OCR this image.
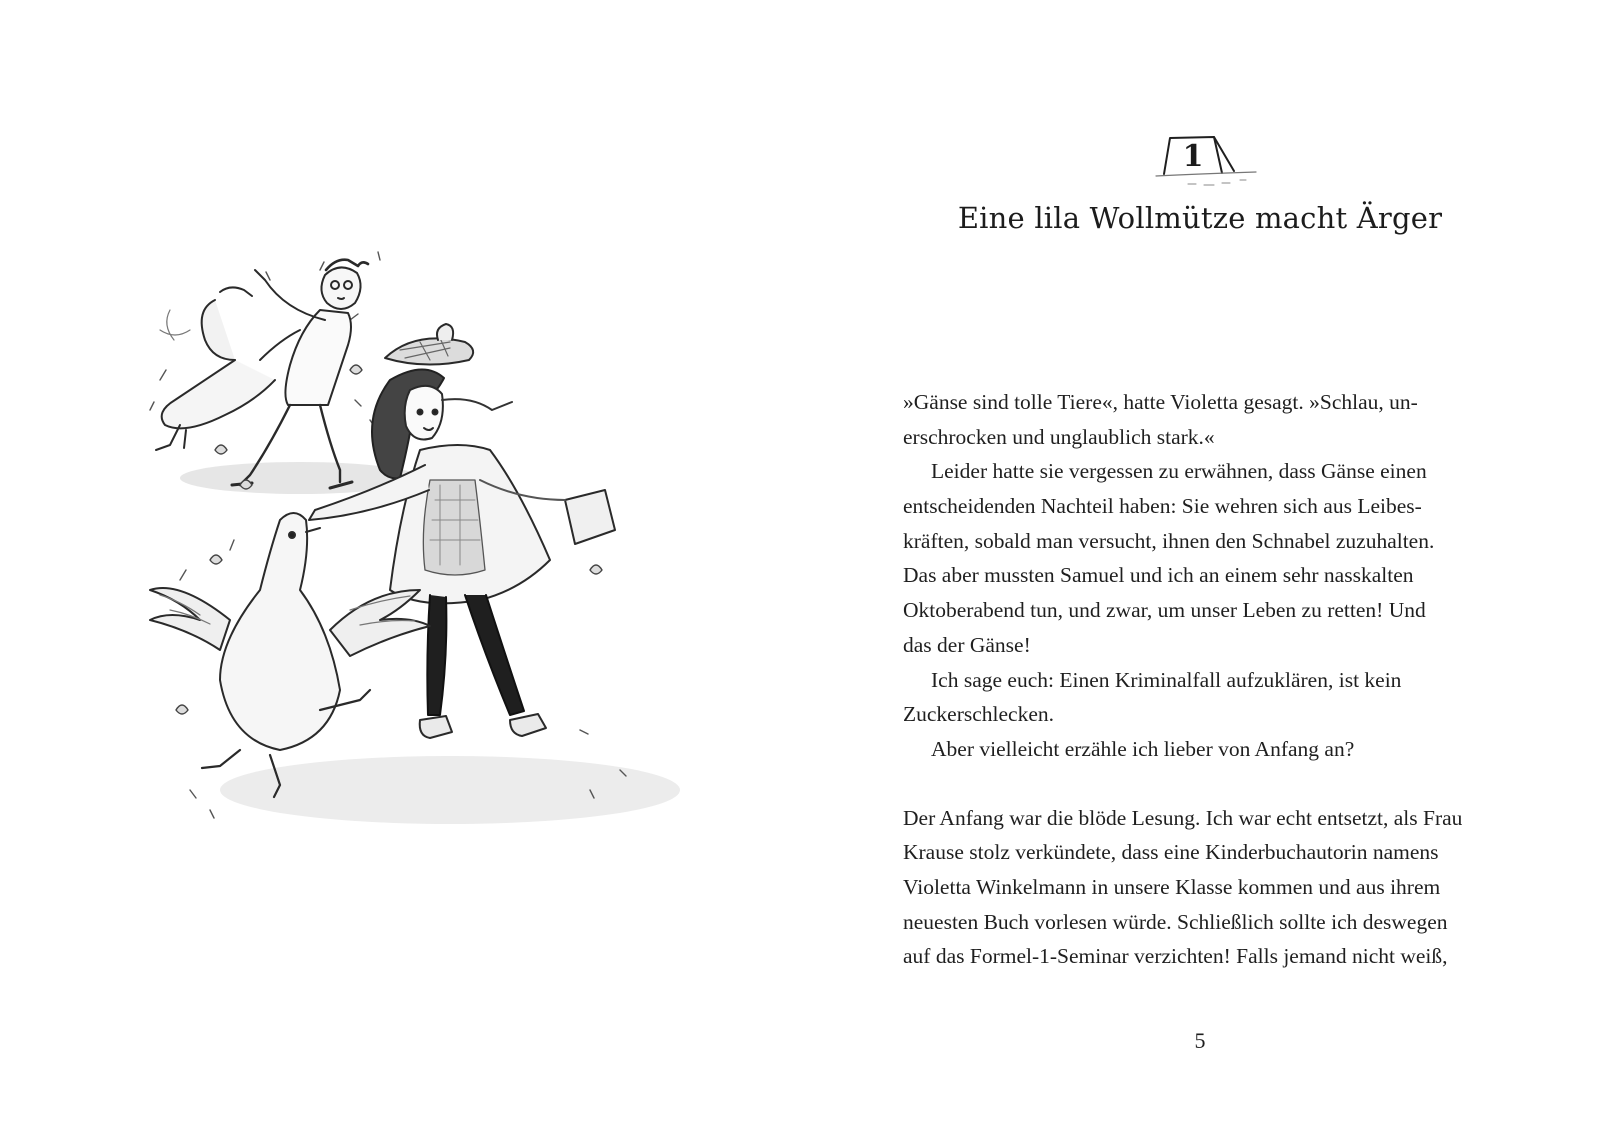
1
Eine lila Wollmütze macht Ärger
»Gänse sind tolle Tiere«, hatte Violetta gesagt. »Schlau, un-
erschrocken und unglaublich stark.«
Leider hatte sie vergessen zu erwähnen, dass Gänse einen
entscheidenden Nachteil haben: Sie wehren sich aus Leibes-
kräften, sobald man versucht, ihnen den Schnabel zuzuhalten.
Das aber mussten Samuel und ich an einem sehr nasskalten
Oktoberabend tun, und zwar, um unser Leben zu retten! Und
das der Gänse!
Ich sage euch: Einen Kriminalfall aufzuklären, ist kein
Zuckerschlecken.
Aber vielleicht erzähle ich lieber von Anfang an?
Der Anfang war die blöde Lesung. Ich war echt entsetzt, als Frau
Krause stolz verkündete, dass eine Kinderbuchautorin namens
Violetta Winkelmann in unsere Klasse kommen und aus ihrem
neuesten Buch vorlesen würde. Schließlich sollte ich deswegen
auf das Formel-1-Seminar verzichten! Falls jemand nicht weiß,
5
